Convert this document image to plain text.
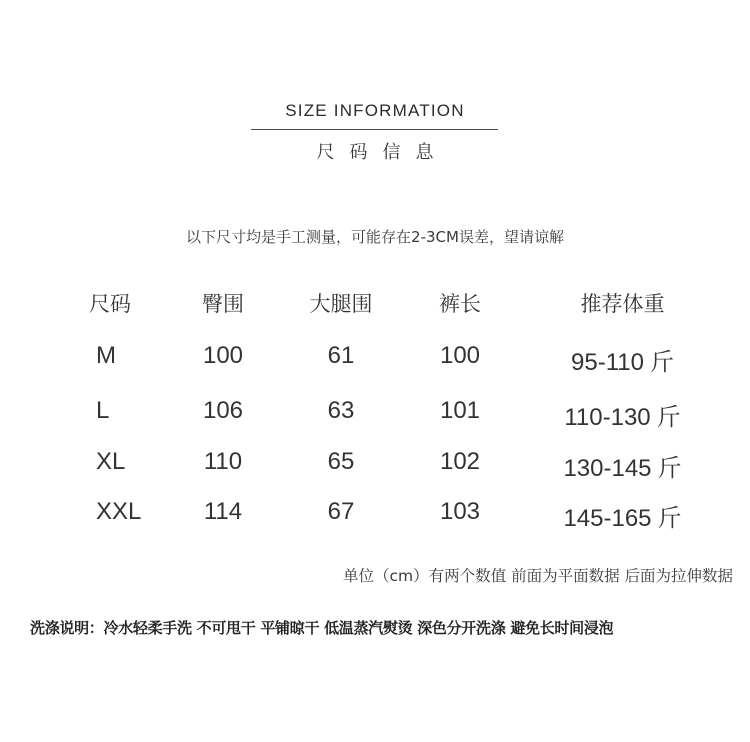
SIZE INFORMATION
尺码信息
以下尺寸均是手工测量，可能存在2-3CM误差，望请谅解
尺码	臀围	大腿围	裤长	推荐体重
M	100	61	100	95-110 斤
L	106	63	101	110-130 斤
XL	110	65	102	130-145 斤
XXL	114	67	103	145-165 斤
单位（cm）有两个数值 前面为平面数据 后面为拉伸数据
洗涤说明：冷水轻柔手洗 不可甩干 平铺晾干 低温蒸汽熨烫 深色分开洗涤 避免长时间浸泡
